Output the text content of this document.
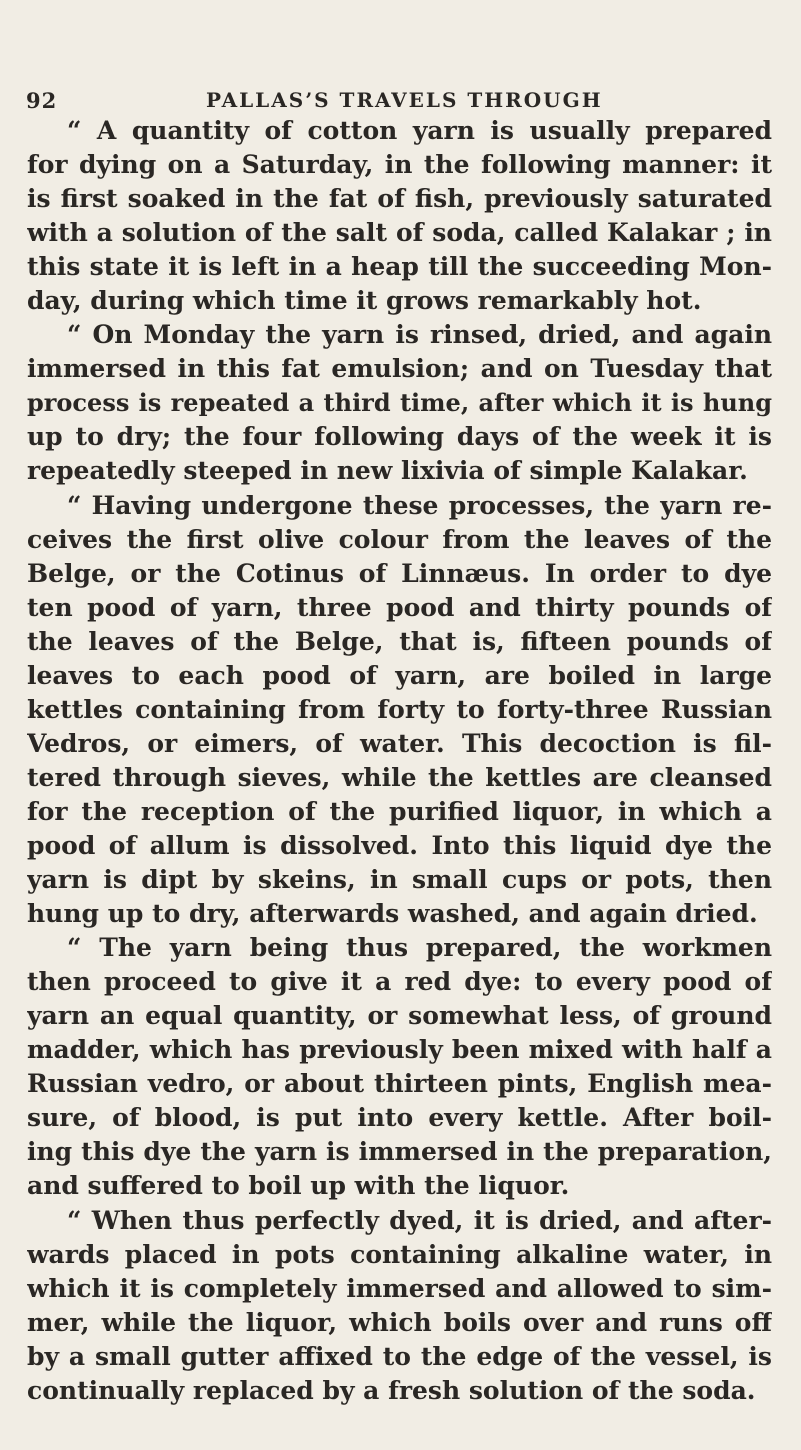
92	PALLAS’S TRAVELS THROUGH
“ A quantity of cotton yarn is usually prepared
for dying on a Saturday, in the following manner: it
is first soaked in the fat of fish, previously saturated
with a solution of the salt of soda, called Kalakar ; in
this state it is left in a heap till the succeeding Mon-
day, during which time it grows remarkably hot.
“ On Monday the yarn is rinsed, dried, and again
immersed in this fat emulsion; and on Tuesday that
process is repeated a third time, after which it is hung
up to dry; the four following days of the week it is
repeatedly steeped in new lixivia of simple Kalakar.
“ Having undergone these processes, the yarn re-
ceives the first olive colour from the leaves of the
Belge, or the Cotinus of Linnæus. In order to dye
ten pood of yarn, three pood and thirty pounds of
the leaves of the Belge, that is, fifteen pounds of
leaves to each pood of yarn, are boiled in large
kettles containing from forty to forty-three Russian
Vedros, or eimers, of water. This decoction is fil-
tered through sieves, while the kettles are cleansed
for the reception of the purified liquor, in which a
pood of allum is dissolved. Into this liquid dye the
yarn is dipt by skeins, in small cups or pots, then
hung up to dry, afterwards washed, and again dried.
“ The yarn being thus prepared, the workmen
then proceed to give it a red dye: to every pood of
yarn an equal quantity, or somewhat less, of ground
madder, which has previously been mixed with half a
Russian vedro, or about thirteen pints, English mea-
sure, of blood, is put into every kettle. After boil-
ing this dye the yarn is immersed in the preparation,
and suffered to boil up with the liquor.
“ When thus perfectly dyed, it is dried, and after-
wards placed in pots containing alkaline water, in
which it is completely immersed and allowed to sim-
mer, while the liquor, which boils over and runs off
by a small gutter affixed to the edge of the vessel, is
continually replaced by a fresh solution of the soda.
